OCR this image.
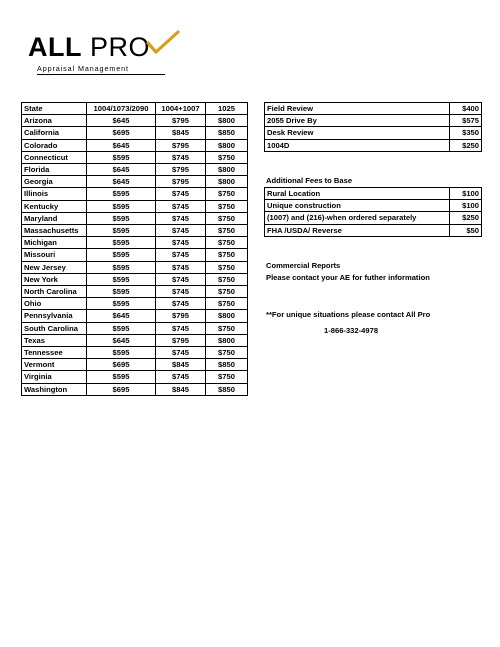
ALL PRO
Appraisal Management
State	1004/1073/2090	1004+1007	1025
Arizona	$645	$795	$800
California	$695	$845	$850
Colorado	$645	$795	$800
Connecticut	$595	$745	$750
Florida	$645	$795	$800
Georgia	$645	$795	$800
Illinois	$595	$745	$750
Kentucky	$595	$745	$750
Maryland	$595	$745	$750
Massachusetts	$595	$745	$750
Michigan	$595	$745	$750
Missouri	$595	$745	$750
New Jersey	$595	$745	$750
New York	$595	$745	$750
North Carolina	$595	$745	$750
Ohio	$595	$745	$750
Pennsylvania	$645	$795	$800
South Carolina	$595	$745	$750
Texas	$645	$795	$800
Tennessee	$595	$745	$750
Vermont	$695	$845	$850
Virginia	$595	$745	$750
Washington	$695	$845	$850
Field Review	$400
2055 Drive By	$575
Desk Review	$350
1004D	$250
Additional Fees to Base
Rural Location	$100
Unique construction	$100
(1007) and (216)-when ordered separately	$250
FHA /USDA/ Reverse	$50
Commercial Reports
Please contact your AE for futher information
**For unique situations please contact All Pro
1-866-332-4978
